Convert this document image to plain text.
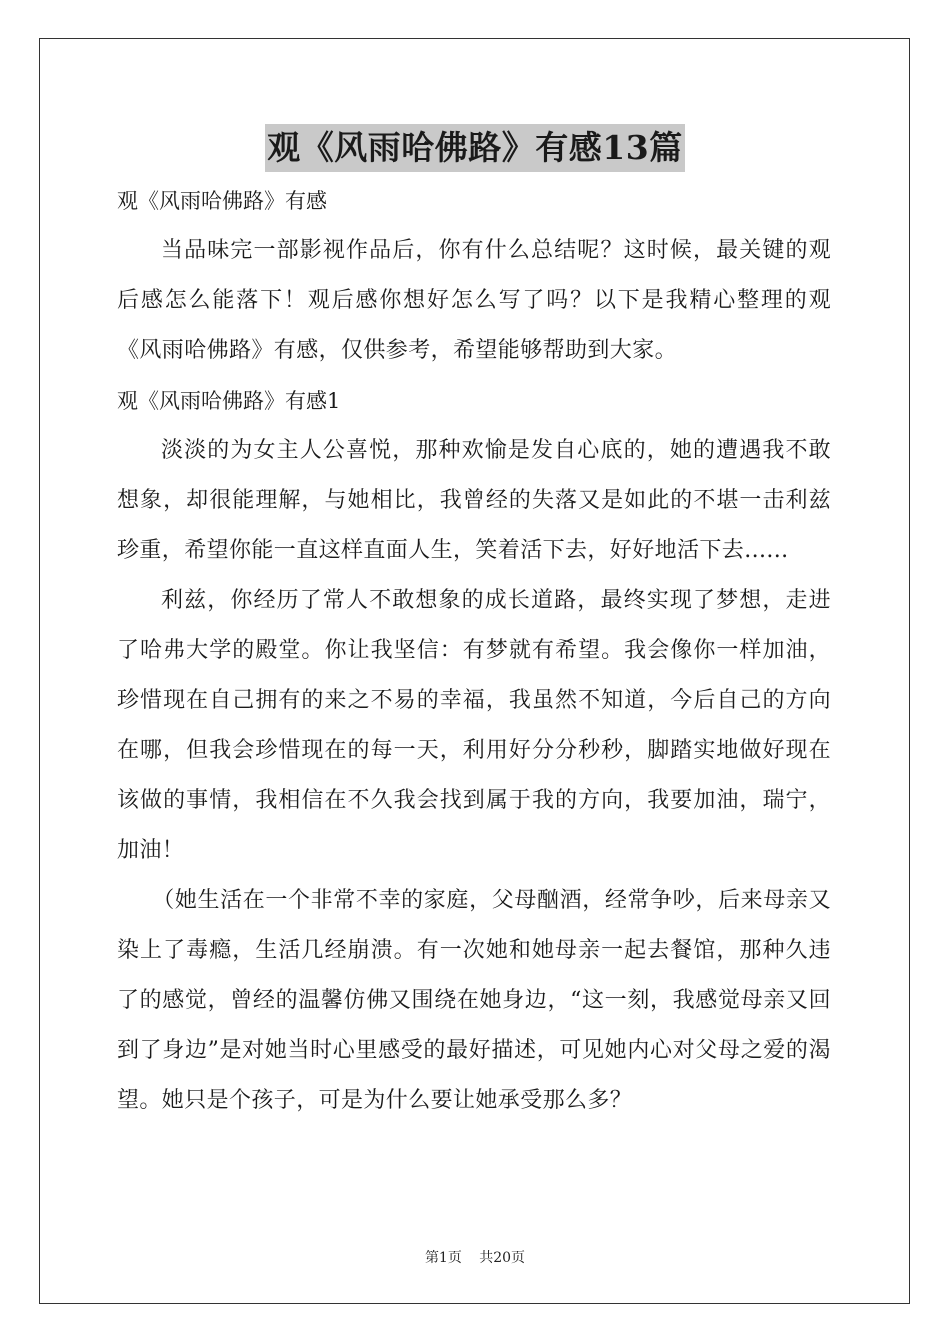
观《风雨哈佛路》有感13篇

观《风雨哈佛路》有感

当品味完一部影视作品后，你有什么总结呢？这时候，最关键的观后感怎么能落下！观后感你想好怎么写了吗？以下是我精心整理的观《风雨哈佛路》有感，仅供参考，希望能够帮助到大家。

观《风雨哈佛路》有感1

淡淡的为女主人公喜悦，那种欢愉是发自心底的，她的遭遇我不敢想象，却很能理解，与她相比，我曾经的失落又是如此的不堪一击利兹珍重，希望你能一直这样直面人生，笑着活下去，好好地活下去......

利兹，你经历了常人不敢想象的成长道路，最终实现了梦想，走进了哈弗大学的殿堂。你让我坚信：有梦就有希望。我会像你一样加油，珍惜现在自己拥有的来之不易的幸福，我虽然不知道，今后自己的方向在哪，但我会珍惜现在的每一天，利用好分分秒秒，脚踏实地做好现在该做的事情，我相信在不久我会找到属于我的方向，我要加油，瑞宁，加油！

（她生活在一个非常不幸的家庭，父母酗酒，经常争吵，后来母亲又染上了毒瘾，生活几经崩溃。有一次她和她母亲一起去餐馆，那种久违了的感觉，曾经的温馨仿佛又围绕在她身边，“这一刻，我感觉母亲又回到了身边”是对她当时心里感受的最好描述，可见她内心对父母之爱的渴望。她只是个孩子，可是为什么要让她承受那么多？

第1页 共20页
